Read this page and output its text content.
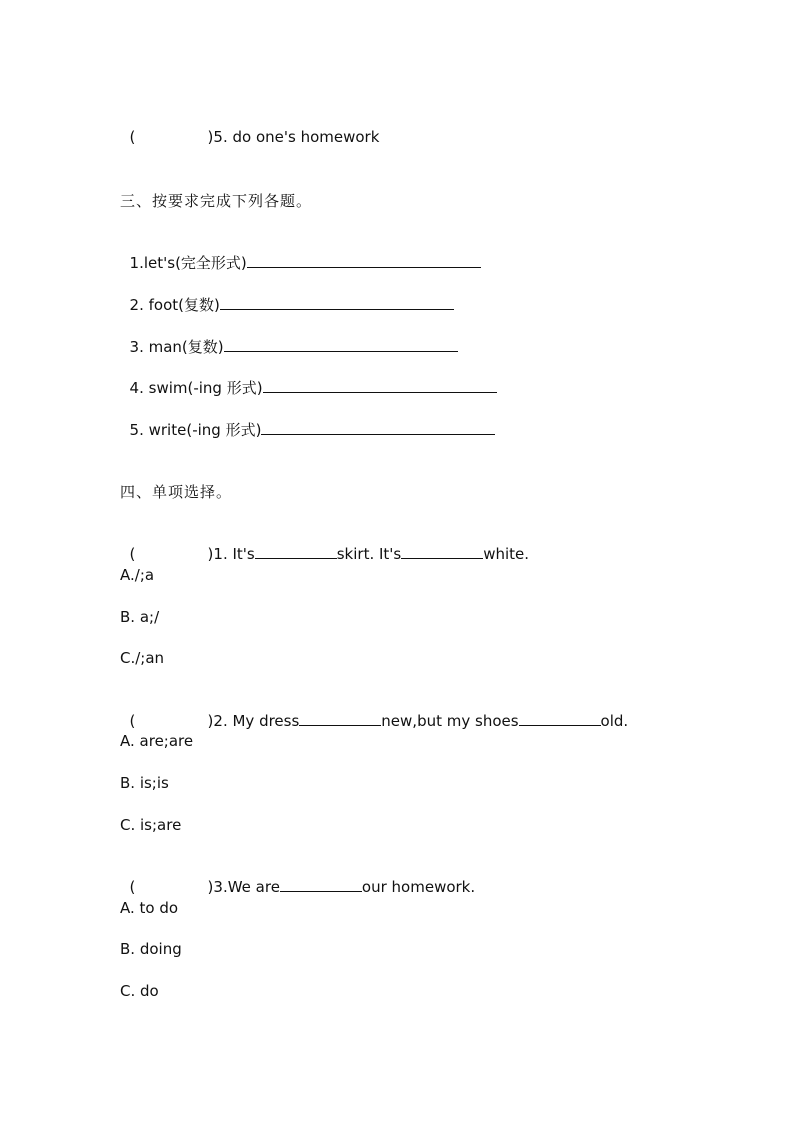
(	)5. do one's homework

三、按要求完成下列各题。

1.let's(完全形式)

2. foot(复数)

3. man(复数)

4. swim(-ing 形式)

5. write(-ing 形式)

四、单项选择。

(	)1. It's	skirt. It's	white.

A./;a
B. a;/
C./;an

(	)2. My dress	new,but my shoes	old.

A. are;are
B. is;is
C. is;are

(	)3.We are	our homework.

A. to do
B. doing
C. do
